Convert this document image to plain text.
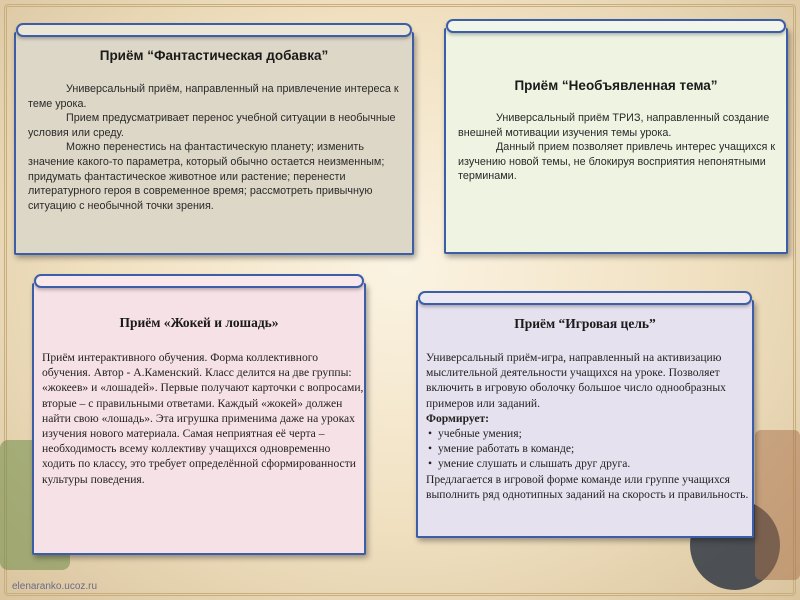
Приём “Фантастическая добавка”

Универсальный приём, направленный на привлечение интереса к теме урока.

Прием предусматривает перенос учебной ситуации в необычные условия или среду.

Можно перенестись на фантастическую планету; изменить значение какого-то параметра, который обычно остается неизменным; придумать фантастическое животное или растение; перенести литературного героя в современное время; рассмотреть привычную ситуацию с необычной точки зрения.

Приём “Необъявленная тема”

Универсальный приём ТРИЗ, направленный создание внешней мотивации изучения темы урока.

Данный прием позволяет привлечь интерес учащихся к изучению новой темы, не блокируя восприятия непонятными терминами.

Приём «Жокей и лошадь»

Приём интерактивного обучения. Форма коллективного обучения. Автор - А.Каменский. Класс делится на две группы: «жокеев» и «лошадей». Первые получают карточки с вопросами, вторые – с правильными ответами. Каждый «жокей» должен найти свою «лошадь». Эта игрушка применима даже на уроках изучения нового материала. Самая неприятная её черта – необходимость всему коллективу учащихся одновременно ходить по классу, это требует определённой сформированности культуры поведения.

Приём “Игровая цель”

Универсальный приём-игра, направленный на активизацию мыслительной деятельности учащихся на уроке. Позволяет включить в игровую оболочку большое число однообразных примеров или заданий.

Формирует:

• учебные умения;
• умение работать в команде;
• умение слушать и слышать друг друга.

Предлагается в игровой форме команде или группе учащихся выполнить ряд однотипных заданий на скорость и правильность.

elenaranko.ucoz.ru
